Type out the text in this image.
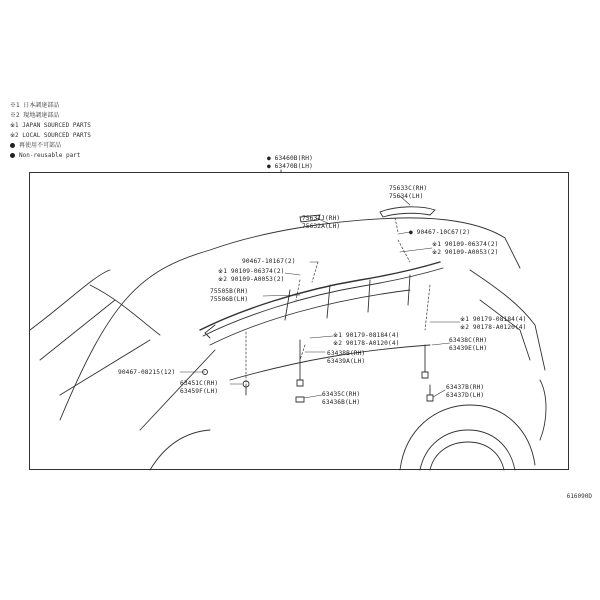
※1 日本調達部品
※2 現地調達部品
※1 JAPAN SOURCED PARTS
※2 LOCAL SOURCED PARTS
再使用不可部品
Non-reusable part	● 63460B(RH)
● 63470B(LH)
75633C(RH)
75634(LH)
75631J(RH)
75632A(LH)
● 90467-10C67(2)
※1 90109-06374(2)
※2 90109-A0053(2)
90467-10167(2)
※1 90109-06374(2)
※2 90109-A0053(2)
75505B(RH)
75506B(LH)
※1 90179-08184(4)
※2 90178-A0120(4)
※1 90179-08184(4)
※2 90178-A0120(4)	63438C(RH)
63439E(LH)
63438B(RH)
63439A(LH)
90467-08215(12)
63451C(RH)
63459F(LH)	63435C(RH)
63436B(LH)
63437B(RH)
63437D(LH)
616090D
